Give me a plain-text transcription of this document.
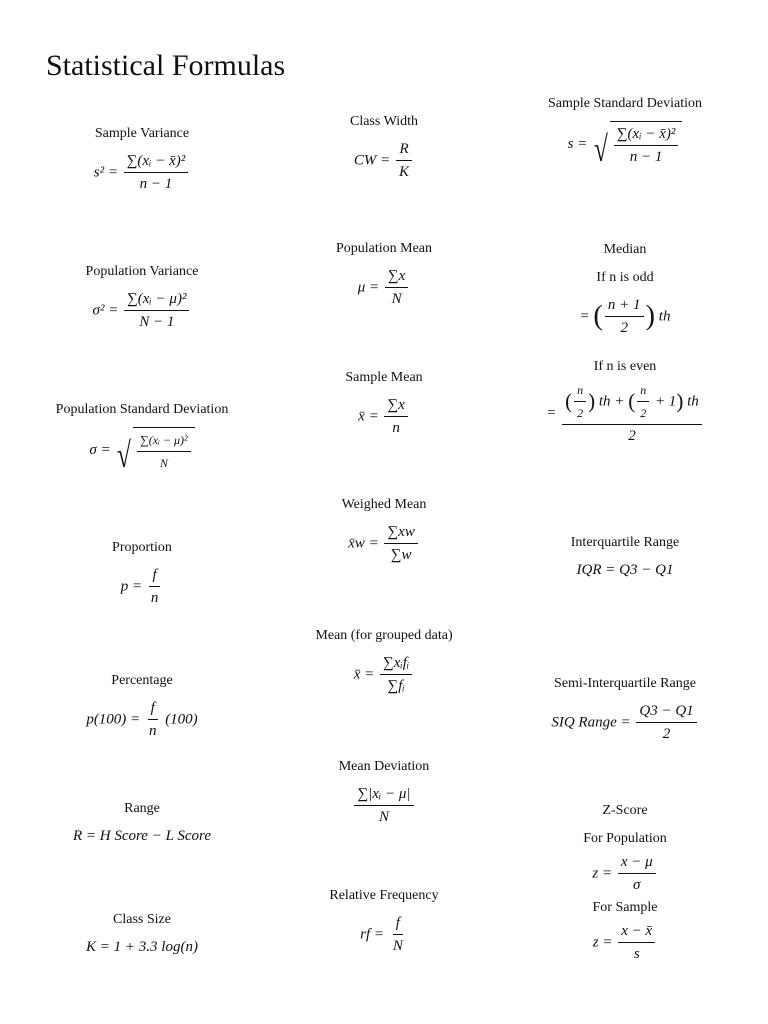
Statistical Formulas
Sample Variance
$s^2 = \frac{\text{∑(xᵢ − x̄)²}}{n - 1}$
Population Variance
$\sigma^2 = \frac{\text{∑(xᵢ − μ)²}}{N - 1}$
Population Standard Deviation
σ = √ $\frac{\text{∑(xᵢ − μ)²}}{N}$
Proportion
$p = \frac{f}{n}$
Percentage
$p(100) = \frac{f}{n} (100)$
Range
R = H Score − L Score
Class Size
K = 1 + 3.3 log(n)
Class Width
CW = $\frac{R}{K}$
Population Mean
$\mu = \frac{\sum x}{N}$
Sample Mean
x̄ = $\frac{\sum x}{n}$
Weighed Mean
x̄w = $\frac{\sum xw}{\sum w}$
Mean (for grouped data)
x̄ = $\frac{\text{∑xᵢfᵢ}}{\text{∑fᵢ}}$
Mean Deviation
$\frac{\text{∑|xᵢ − μ|}}{N}$
Relative Frequency
rf = $\frac{f}{N}$
Sample Standard Deviation
s = √ $\frac{\text{∑(xᵢ − x̄)²}}{n - 1}$
Median
If n is odd
= ( $\frac{n + 1}{2}$ ) th
If n is even
= $\frac{( \frac{n}{2} ) th + ( \frac{n}{2} + 1) th}{2}$
Interquartile Range
IQR = Q3 − Q1
Semi-Interquartile Range
SIQ Range = $\frac{Q3 - Q1}{2}$
Z-Score
For Population
$z = \frac{x - \mu}{\sigma}$
For Sample
$z = \frac{x - x̄}{s}$
